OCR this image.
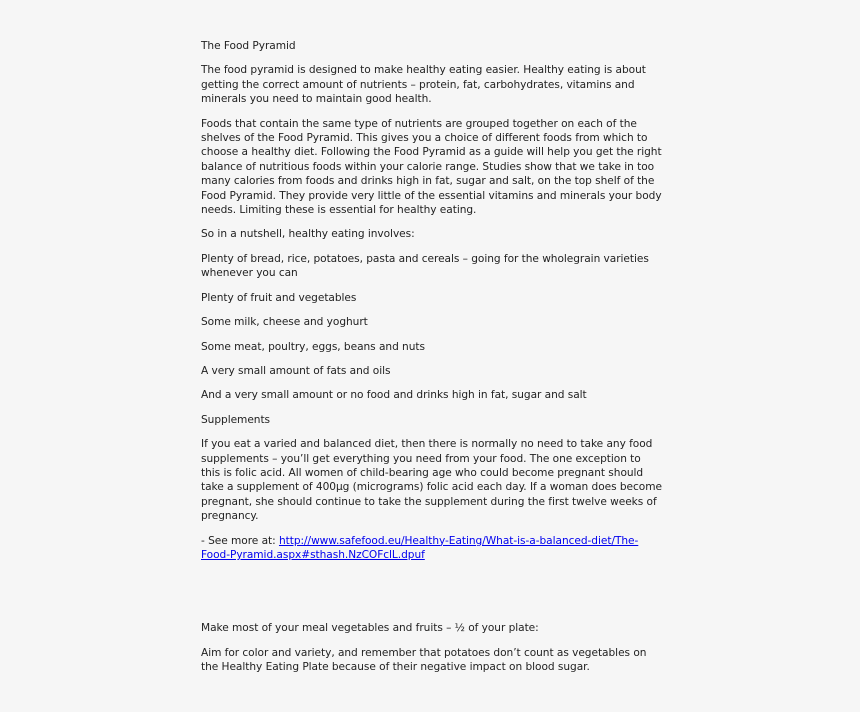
The Food Pyramid

The food pyramid is designed to make healthy eating easier. Healthy eating is about getting the correct amount of nutrients – protein, fat, carbohydrates, vitamins and minerals you need to maintain good health.

Foods that contain the same type of nutrients are grouped together on each of the shelves of the Food Pyramid. This gives you a choice of different foods from which to choose a healthy diet. Following the Food Pyramid as a guide will help you get the right balance of nutritious foods within your calorie range. Studies show that we take in too many calories from foods and drinks high in fat, sugar and salt, on the top shelf of the Food Pyramid. They provide very little of the essential vitamins and minerals your body needs. Limiting these is essential for healthy eating.

So in a nutshell, healthy eating involves:

Plenty of bread, rice, potatoes, pasta and cereals – going for the wholegrain varieties whenever you can

Plenty of fruit and vegetables

Some milk, cheese and yoghurt

Some meat, poultry, eggs, beans and nuts

A very small amount of fats and oils

And a very small amount or no food and drinks high in fat, sugar and salt

Supplements

If you eat a varied and balanced diet, then there is normally no need to take any food supplements – you’ll get everything you need from your food. The one exception to this is folic acid. All women of child-bearing age who could become pregnant should take a supplement of 400µg (micrograms) folic acid each day. If a woman does become pregnant, she should continue to take the supplement during the first twelve weeks of pregnancy.

- See more at: http://www.safefood.eu/Healthy-Eating/What-is-a-balanced-diet/The-Food-Pyramid.aspx#sthash.NzCOFclL.dpuf

Make most of your meal vegetables and fruits – ½ of your plate:

Aim for color and variety, and remember that potatoes don’t count as vegetables on the Healthy Eating Plate because of their negative impact on blood sugar.
